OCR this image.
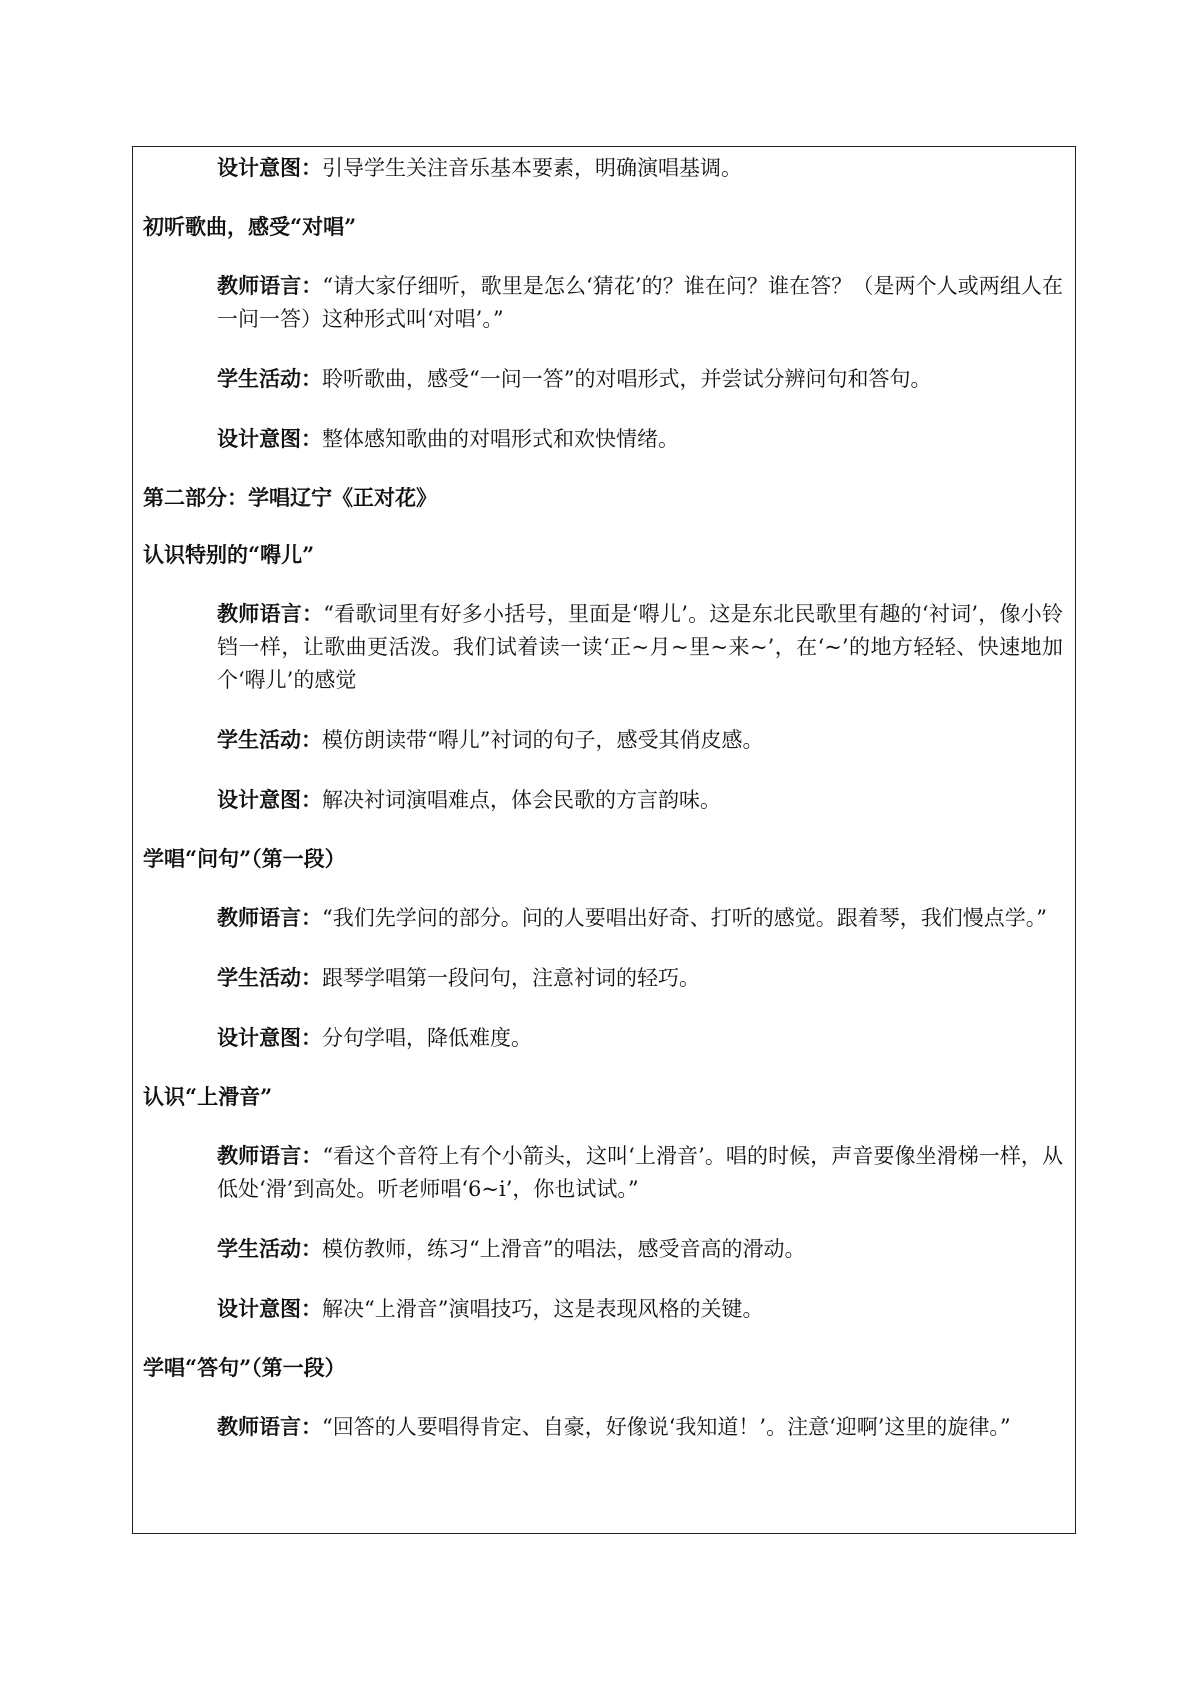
设计意图：引导学生关注音乐基本要素，明确演唱基调。

初听歌曲，感受“对唱”

教师语言：“请大家仔细听，歌里是怎么‘猜花’的？谁在问？谁在答？（是两个人或两组人在一问一答）这种形式叫‘对唱’。”

学生活动：聆听歌曲，感受“一问一答”的对唱形式，并尝试分辨问句和答句。

设计意图：整体感知歌曲的对唱形式和欢快情绪。

第二部分：学唱辽宁《正对花》

认识特别的“嘚儿”

教师语言：“看歌词里有好多小括号，里面是‘嘚儿’。这是东北民歌里有趣的‘衬词’，像小铃铛一样，让歌曲更活泼。我们试着读一读‘正~月~里~来~’，在‘~’的地方轻轻、快速地加个‘嘚儿’的感觉

学生活动：模仿朗读带“嘚儿”衬词的句子，感受其俏皮感。

设计意图：解决衬词演唱难点，体会民歌的方言韵味。

学唱“问句”（第一段）

教师语言：“我们先学问的部分。问的人要唱出好奇、打听的感觉。跟着琴，我们慢点学。”

学生活动：跟琴学唱第一段问句，注意衬词的轻巧。

设计意图：分句学唱，降低难度。

认识“上滑音”

教师语言：“看这个音符上有个小箭头，这叫‘上滑音’。唱的时候，声音要像坐滑梯一样，从低处‘滑’到高处。听老师唱‘6~i’，你也试试。”

学生活动：模仿教师，练习“上滑音”的唱法，感受音高的滑动。

设计意图：解决“上滑音”演唱技巧，这是表现风格的关键。

学唱“答句”（第一段）

教师语言：“回答的人要唱得肯定、自豪，好像说‘我知道！’。注意‘迎啊’这里的旋律。”
